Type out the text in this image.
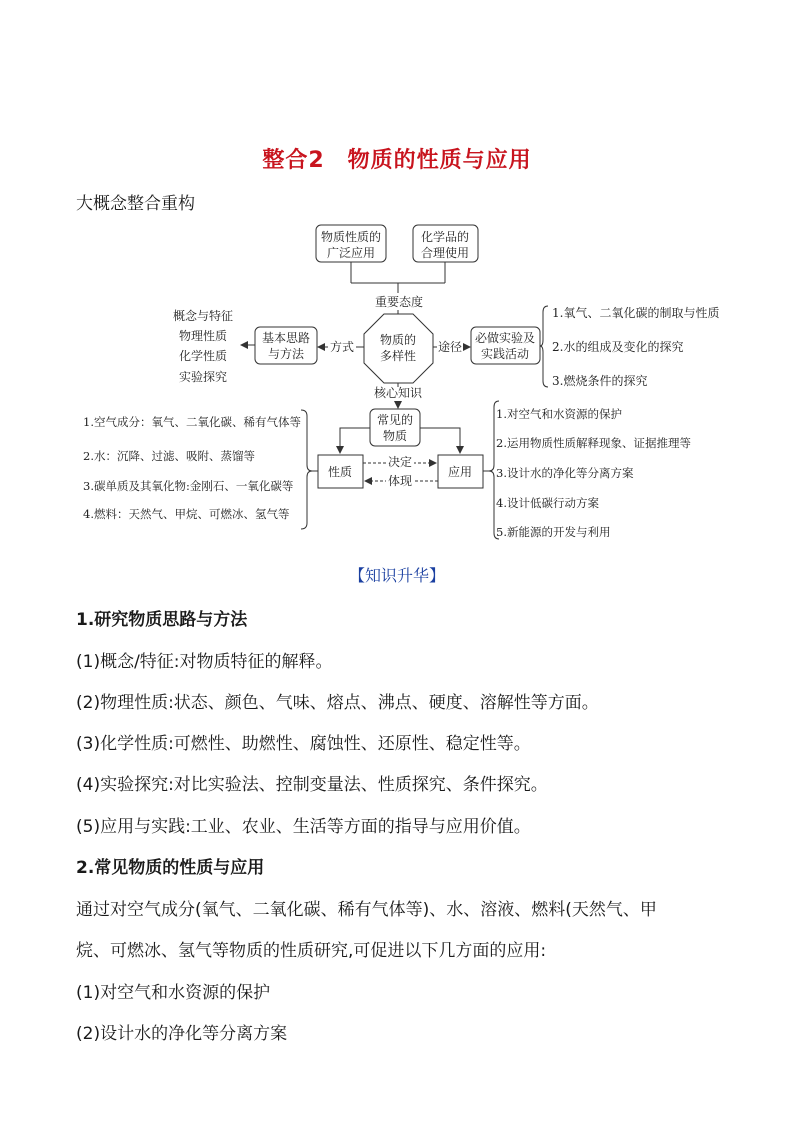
整合2　物质的性质与应用
大概念整合重构
物质性质的
广泛应用
化学品的
合理使用
重要态度
物质的
多样性
方式
基本思路
与方法
概念与特征
物理性质
化学性质
实验探究
途径
必做实验及
实践活动
1.氧气、二氧化碳的制取与性质
2.水的组成及变化的探究
3.燃烧条件的探究
核心知识
常见的
物质
性质	应用
决定
体现
1.空气成分：氧气、二氧化碳、稀有气体等
2.水：沉降、过滤、吸附、蒸馏等
3.碳单质及其氧化物:金刚石、一氧化碳等
4.燃料：天然气、甲烷、可燃冰、氢气等
1.对空气和水资源的保护
2.运用物质性质解释现象、证据推理等
3.设计水的净化等分离方案
4.设计低碳行动方案
5.新能源的开发与利用
【知识升华】
1.研究物质思路与方法
(1)概念/特征:对物质特征的解释。
(2)物理性质:状态、颜色、气味、熔点、沸点、硬度、溶解性等方面。
(3)化学性质:可燃性、助燃性、腐蚀性、还原性、稳定性等。
(4)实验探究:对比实验法、控制变量法、性质探究、条件探究。
(5)应用与实践:工业、农业、生活等方面的指导与应用价值。
2.常见物质的性质与应用
通过对空气成分(氧气、二氧化碳、稀有气体等)、水、溶液、燃料(天然气、甲
烷、可燃冰、氢气等物质的性质研究,可促进以下几方面的应用:
(1)对空气和水资源的保护
(2)设计水的净化等分离方案
